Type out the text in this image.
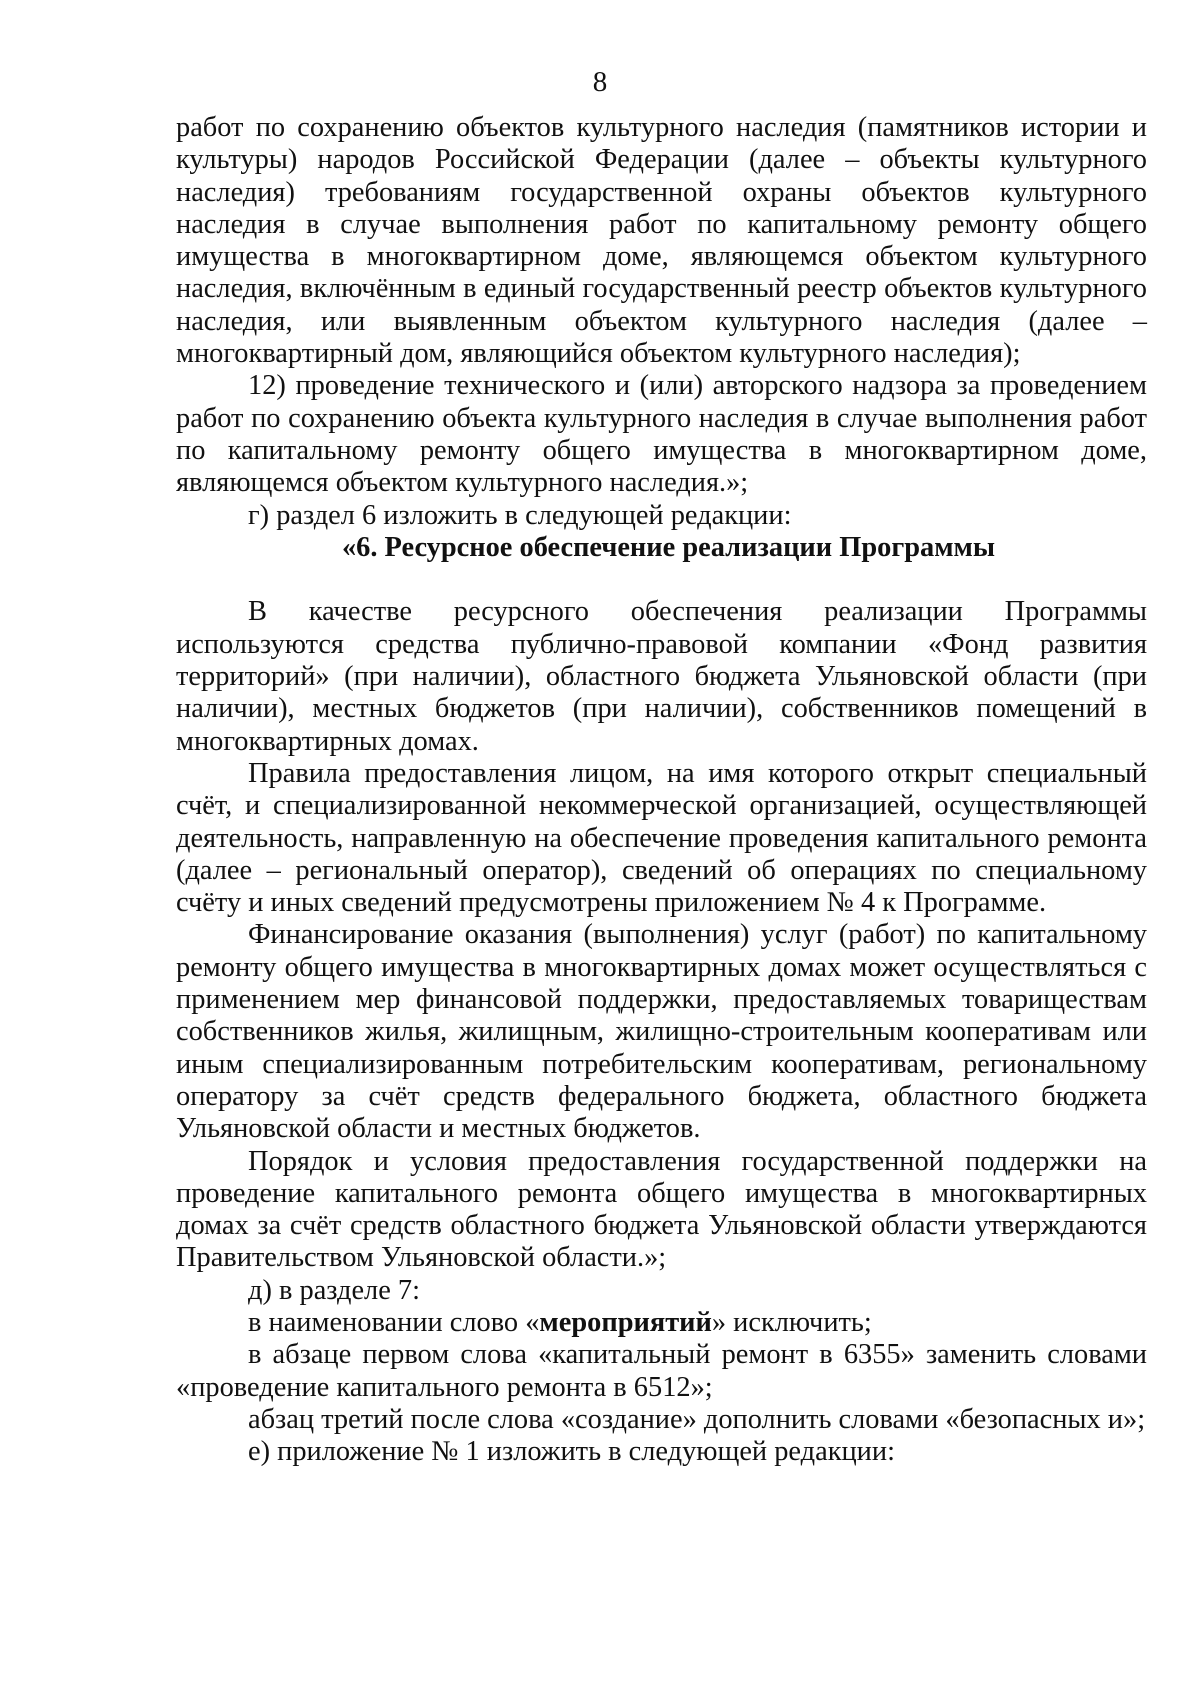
8

работ по сохранению объектов культурного наследия (памятников истории и культуры) народов Российской Федерации (далее – объекты культурного наследия) требованиям государственной охраны объектов культурного наследия в случае выполнения работ по капитальному ремонту общего имущества в многоквартирном доме, являющемся объектом культурного наследия, включённым в единый государственный реестр объектов культурного наследия, или выявленным объектом культурного наследия (далее – многоквартирный дом, являющийся объектом культурного наследия);

12) проведение технического и (или) авторского надзора за проведением работ по сохранению объекта культурного наследия в случае выполнения работ по капитальному ремонту общего имущества в многоквартирном доме, являющемся объектом культурного наследия.»;

г) раздел 6 изложить в следующей редакции:

«6. Ресурсное обеспечение реализации Программы

В качестве ресурсного обеспечения реализации Программы используются средства публично-правовой компании «Фонд развития территорий» (при наличии), областного бюджета Ульяновской области (при наличии), местных бюджетов (при наличии), собственников помещений в многоквартирных домах.

Правила предоставления лицом, на имя которого открыт специальный счёт, и специализированной некоммерческой организацией, осуществляющей деятельность, направленную на обеспечение проведения капитального ремонта (далее – региональный оператор), сведений об операциях по специальному счёту и иных сведений предусмотрены приложением № 4 к Программе.

Финансирование оказания (выполнения) услуг (работ) по капитальному ремонту общего имущества в многоквартирных домах может осуществляться с применением мер финансовой поддержки, предоставляемых товариществам собственников жилья, жилищным, жилищно-строительным кооперативам или иным специализированным потребительским кооперативам, региональному оператору за счёт средств федерального бюджета, областного бюджета Ульяновской области и местных бюджетов.

Порядок и условия предоставления государственной поддержки на проведение капитального ремонта общего имущества в многоквартирных домах за счёт средств областного бюджета Ульяновской области утверждаются Правительством Ульяновской области.»;

д) в разделе 7:

в наименовании слово «мероприятий» исключить;

в абзаце первом слова «капитальный ремонт в 6355» заменить словами «проведение капитального ремонта в 6512»;

абзац третий после слова «создание» дополнить словами «безопасных и»;

е) приложение № 1 изложить в следующей редакции:
